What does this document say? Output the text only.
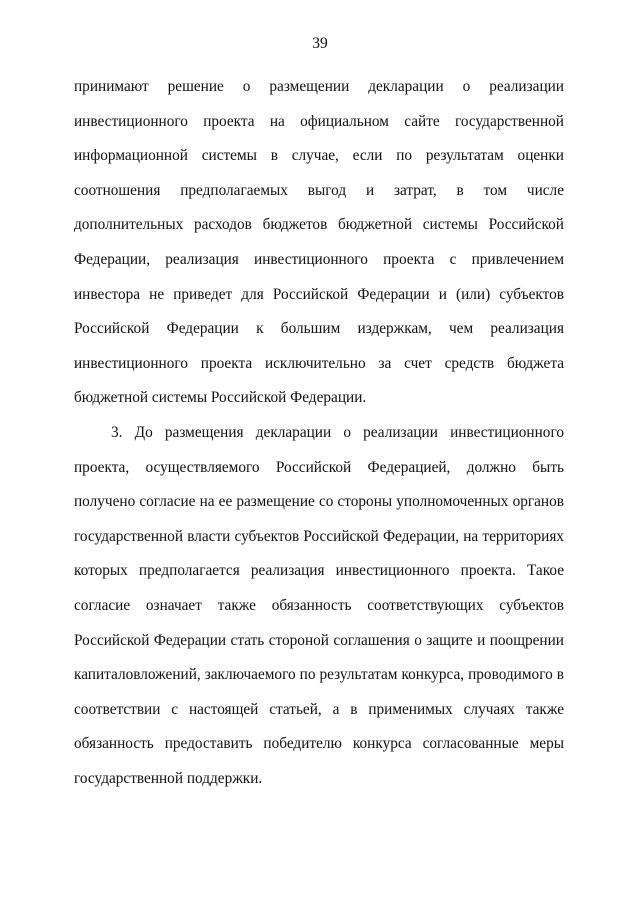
39

принимают решение о размещении декларации о реализации инвестиционного проекта на официальном сайте государственной информационной системы в случае, если по результатам оценки соотношения предполагаемых выгод и затрат, в том числе дополнительных расходов бюджетов бюджетной системы Российской Федерации, реализация инвестиционного проекта с привлечением инвестора не приведет для Российской Федерации и (или) субъектов Российской Федерации к большим издержкам, чем реализация инвестиционного проекта исключительно за счет средств бюджета бюджетной системы Российской Федерации.

3. До размещения декларации о реализации инвестиционного проекта, осуществляемого Российской Федерацией, должно быть получено согласие на ее размещение со стороны уполномоченных органов государственной власти субъектов Российской Федерации, на территориях которых предполагается реализация инвестиционного проекта. Такое согласие означает также обязанность соответствующих субъектов Российской Федерации стать стороной соглашения о защите и поощрении капиталовложений, заключаемого по результатам конкурса, проводимого в соответствии с настоящей статьей, а в применимых случаях также обязанность предоставить победителю конкурса согласованные меры государственной поддержки.
